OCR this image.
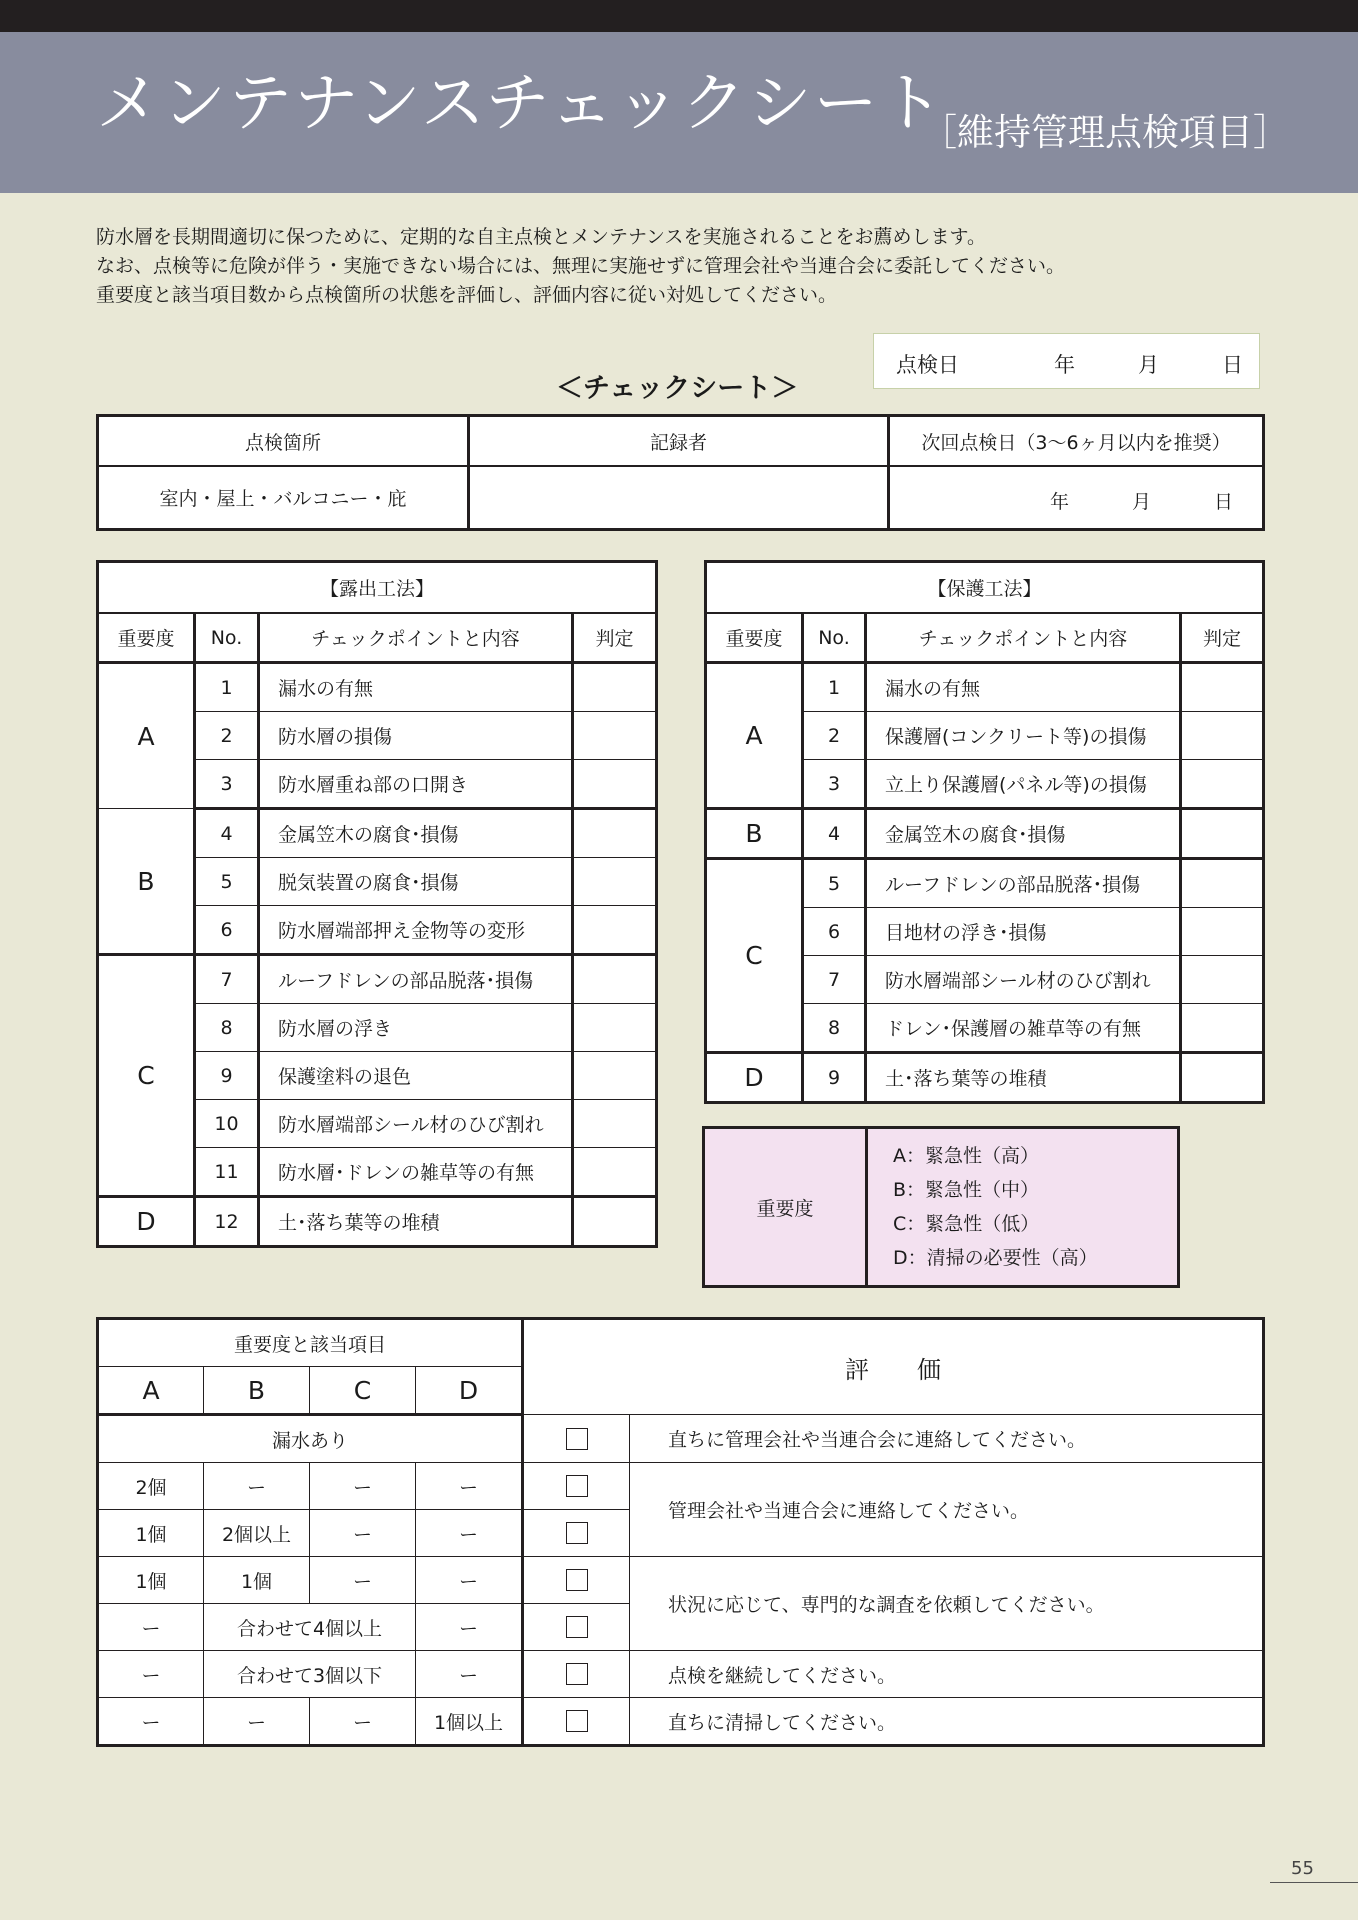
メンテナンスチェックシート
［維持管理点検項目］
防水層を長期間適切に保つために、定期的な自主点検とメンテナンスを実施されることをお薦めします。
なお、点検等に危険が伴う・実施できない場合には、無理に実施せずに管理会社や当連合会に委託してください。
重要度と該当項目数から点検箇所の状態を評価し、評価内容に従い対処してください。
点検日	年	月	日
＜チェックシート＞
点検箇所	記録者	次回点検日（3〜6ヶ月以内を推奨）
室内・屋上・バルコニー・庇		年 月 日
【露出工法】			
重要度	No.	チェックポイントと内容	判定
A	1	漏水の有無	
	2	防水層の損傷	
	3	防水層重ね部の口開き	
B	4	金属笠木の腐食･損傷	
	5	脱気装置の腐食･損傷	
	6	防水層端部押え金物等の変形	
C	7	ルーフドレンの部品脱落･損傷	
	8	防水層の浮き	
	9	保護塗料の退色	
	10	防水層端部シール材のひび割れ	
	11	防水層･ドレンの雑草等の有無	
D	12	土･落ち葉等の堆積	
【保護工法】			
重要度	No.	チェックポイントと内容	判定
A	1	漏水の有無	
	2	保護層(コンクリート等)の損傷	
	3	立上り保護層(パネル等)の損傷	
B	4	金属笠木の腐食･損傷	
C	5	ルーフドレンの部品脱落･損傷	
	6	目地材の浮き･損傷	
	7	防水層端部シール材のひび割れ	
	8	ドレン･保護層の雑草等の有無	
D	9	土･落ち葉等の堆積	
重要度
A：緊急性（高）
B：緊急性（中）
C：緊急性（低）
D：清掃の必要性（高）
重要度と該当項目				評　　価	
A	B	C	D		
漏水あり					直ちに管理会社や当連合会に連絡してください。
2個	ー	ー	ー		管理会社や当連合会に連絡してください。
1個	2個以上	ー	ー		
1個	1個	ー	ー		状況に応じて、専門的な調査を依頼してください。
ー	合わせて4個以上		ー		
ー	合わせて3個以下		ー		点検を継続してください。
ー	ー	ー	1個以上		直ちに清掃してください。
55
